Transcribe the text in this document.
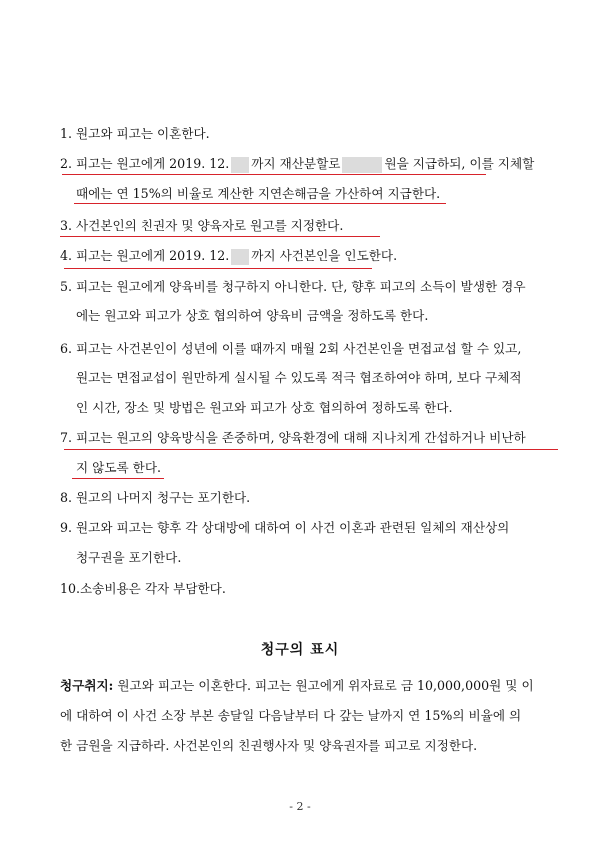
1. 원고와 피고는 이혼한다.
2. 피고는 원고에게 2019. 12. 까지 재산분할로	원을 지급하되, 이를 지체할
때에는 연 15%의 비율로 계산한 지연손해금을 가산하여 지급한다.
3. 사건본인의 친권자 및 양육자로 원고를 지정한다.
4. 피고는 원고에게 2019. 12. 까지 사건본인을 인도한다.
5. 피고는 원고에게 양육비를 청구하지 아니한다. 단, 향후 피고의 소득이 발생한 경우
에는 원고와 피고가 상호 협의하여 양육비 금액을 정하도록 한다.
6. 피고는 사건본인이 성년에 이를 때까지 매월 2회 사건본인을 면접교섭 할 수 있고,
원고는 면접교섭이 원만하게 실시될 수 있도록 적극 협조하여야 하며, 보다 구체적
인 시간, 장소 및 방법은 원고와 피고가 상호 협의하여 정하도록 한다.
7. 피고는 원고의 양육방식을 존중하며, 양육환경에 대해 지나치게 간섭하거나 비난하
지 않도록 한다.
8. 원고의 나머지 청구는 포기한다.
9. 원고와 피고는 향후 각 상대방에 대하여 이 사건 이혼과 관련된 일체의 재산상의
청구권을 포기한다.
10. 소송비용은 각자 부담한다.
청구의 표시
청구취지: 원고와 피고는 이혼한다. 피고는 원고에게 위자료로 금 10,000,000원 및 이
에 대하여 이 사건 소장 부본 송달일 다음날부터 다 갚는 날까지 연 15%의 비율에 의
한 금원을 지급하라. 사건본인의 친권행사자 및 양육권자를 피고로 지정한다.
- 2 -
